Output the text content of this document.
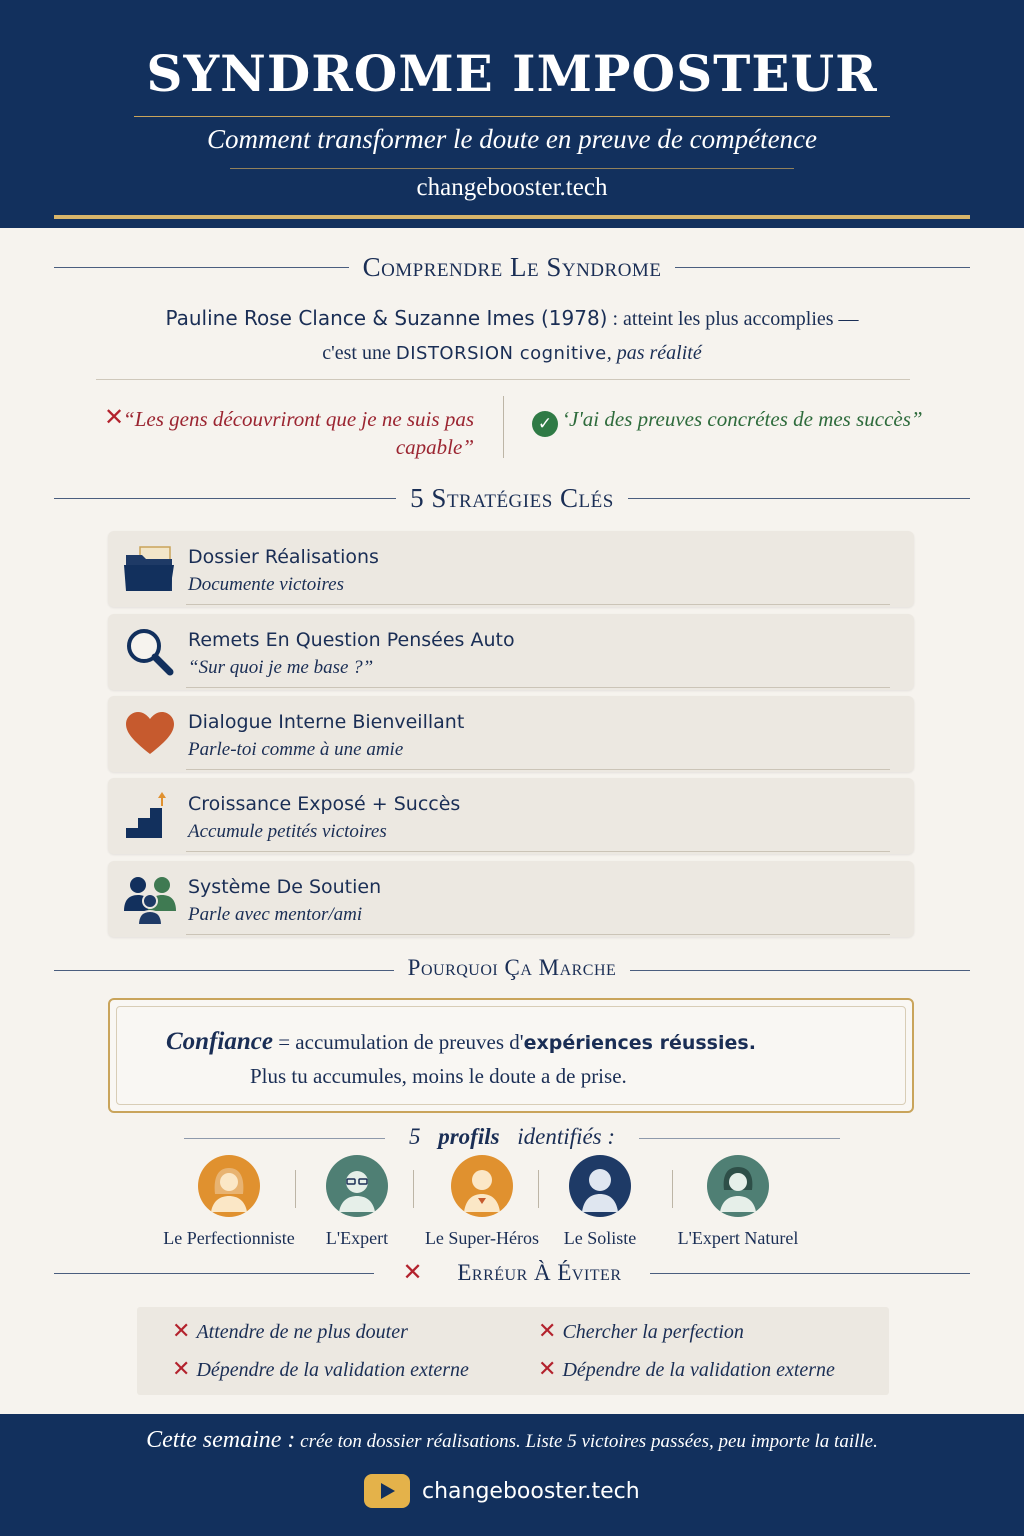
SYNDROME IMPOSTEUR
Comment transformer le doute en preuve de compétence
changebooster.tech
Comprendre Le Syndrome
Pauline Rose Clance & Suzanne Imes (1978) : atteint les plus accomplies —
c'est une DISTORSION cognitive, pas réalité
✕
“Les gens découvriront que je ne suis pas capable”
✓ ‘J'ai des preuves concrétes de mes succès”
5 Stratégies Clés
Dossier Réalisations
Documente victoires
Remets En Question Pensées Auto
“Sur quoi je me base ?”
Dialogue Interne Bienveillant
Parle-toi comme à une amie
Croissance Exposé + Succès
Accumule petités victoires
Système De Soutien
Parle avec mentor/ami
Pourquoi Ça Marche
Confiance = accumulation de preuves d'expériences réussies.
Plus tu accumules, moins le doute a de prise.
5 profils identifiés :
Le Perfectionniste	L'Expert	Le Super-Héros	Le Soliste	L'Expert Naturel
✕ Erréur À Éviter
✕ Attendre de ne plus douter	✕ Chercher la perfection
✕ Dépendre de la validation externe	✕ Dépendre de la validation externe
Cette semaine : crée ton dossier réalisations. Liste 5 victoires passées, peu importe la taille.
changebooster.tech
